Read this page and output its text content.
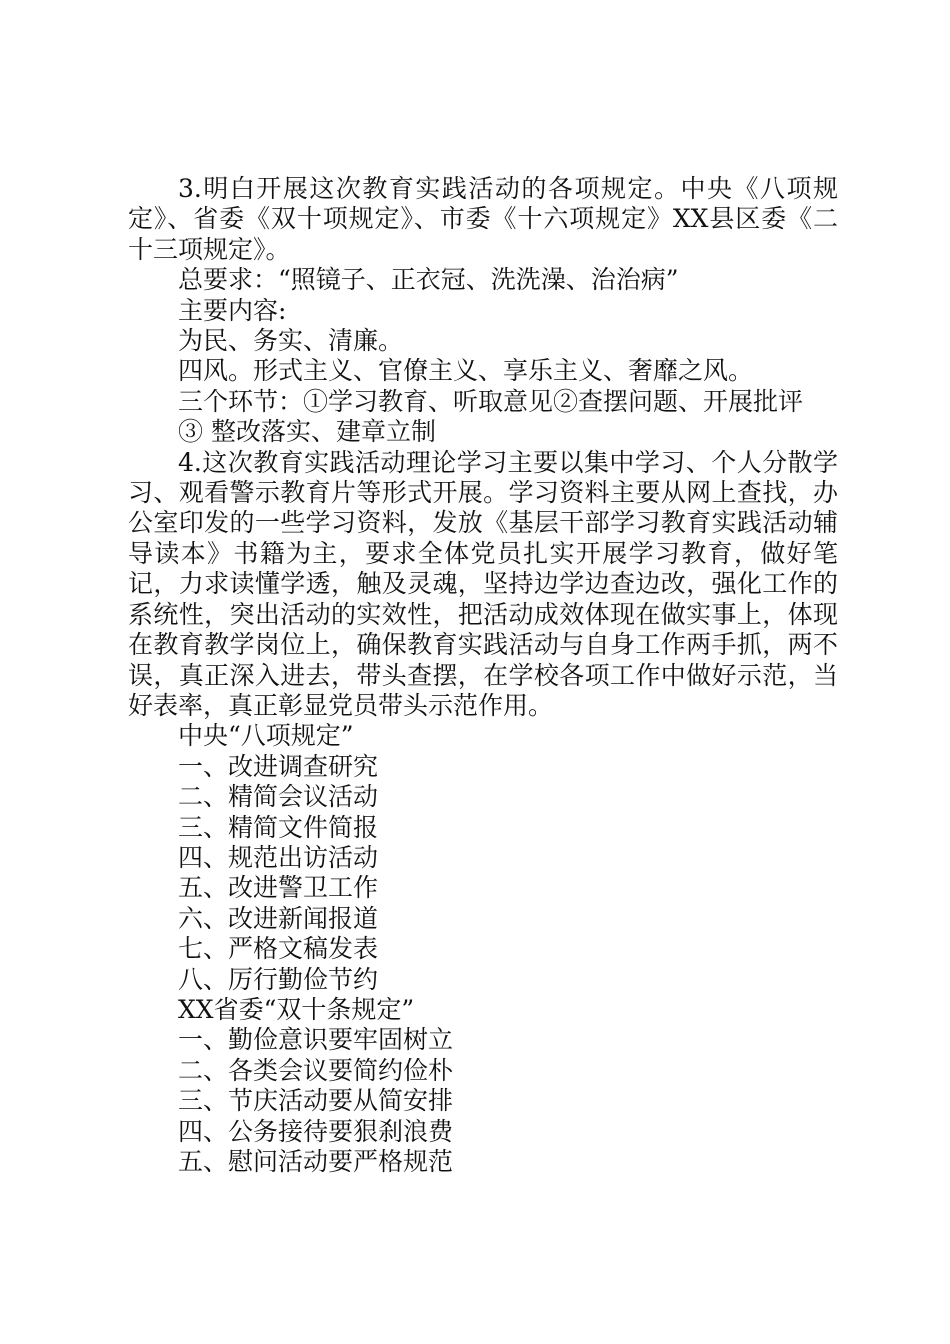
3.明白开展这次教育实践活动的各项规定。中央《八项规定》、省委《双十项规定》、市委《十六项规定》XX县区委《二十三项规定》。

总要求：“照镜子、正衣冠、洗洗澡、治治病”

主要内容:

为民、务实、清廉。

四风。形式主义、官僚主义、享乐主义、奢靡之风。

三个环节：①学习教育、听取意见②查摆问题、开展批评

③ 整改落实、建章立制

4.这次教育实践活动理论学习主要以集中学习、个人分散学习、观看警示教育片等形式开展。学习资料主要从网上查找，办公室印发的一些学习资料，发放《基层干部学习教育实践活动辅导读本》书籍为主，要求全体党员扎实开展学习教育，做好笔记，力求读懂学透，触及灵魂，坚持边学边查边改，强化工作的系统性，突出活动的实效性，把活动成效体现在做实事上，体现在教育教学岗位上，确保教育实践活动与自身工作两手抓，两不误，真正深入进去，带头查摆，在学校各项工作中做好示范，当好表率，真正彰显党员带头示范作用。

中央“八项规定”

一、改进调查研究

二、精简会议活动

三、精简文件简报

四、规范出访活动

五、改进警卫工作

六、改进新闻报道

七、严格文稿发表

八、厉行勤俭节约

XX省委“双十条规定”

一、勤俭意识要牢固树立

二、各类会议要简约俭朴

三、节庆活动要从简安排

四、公务接待要狠刹浪费

五、慰问活动要严格规范
